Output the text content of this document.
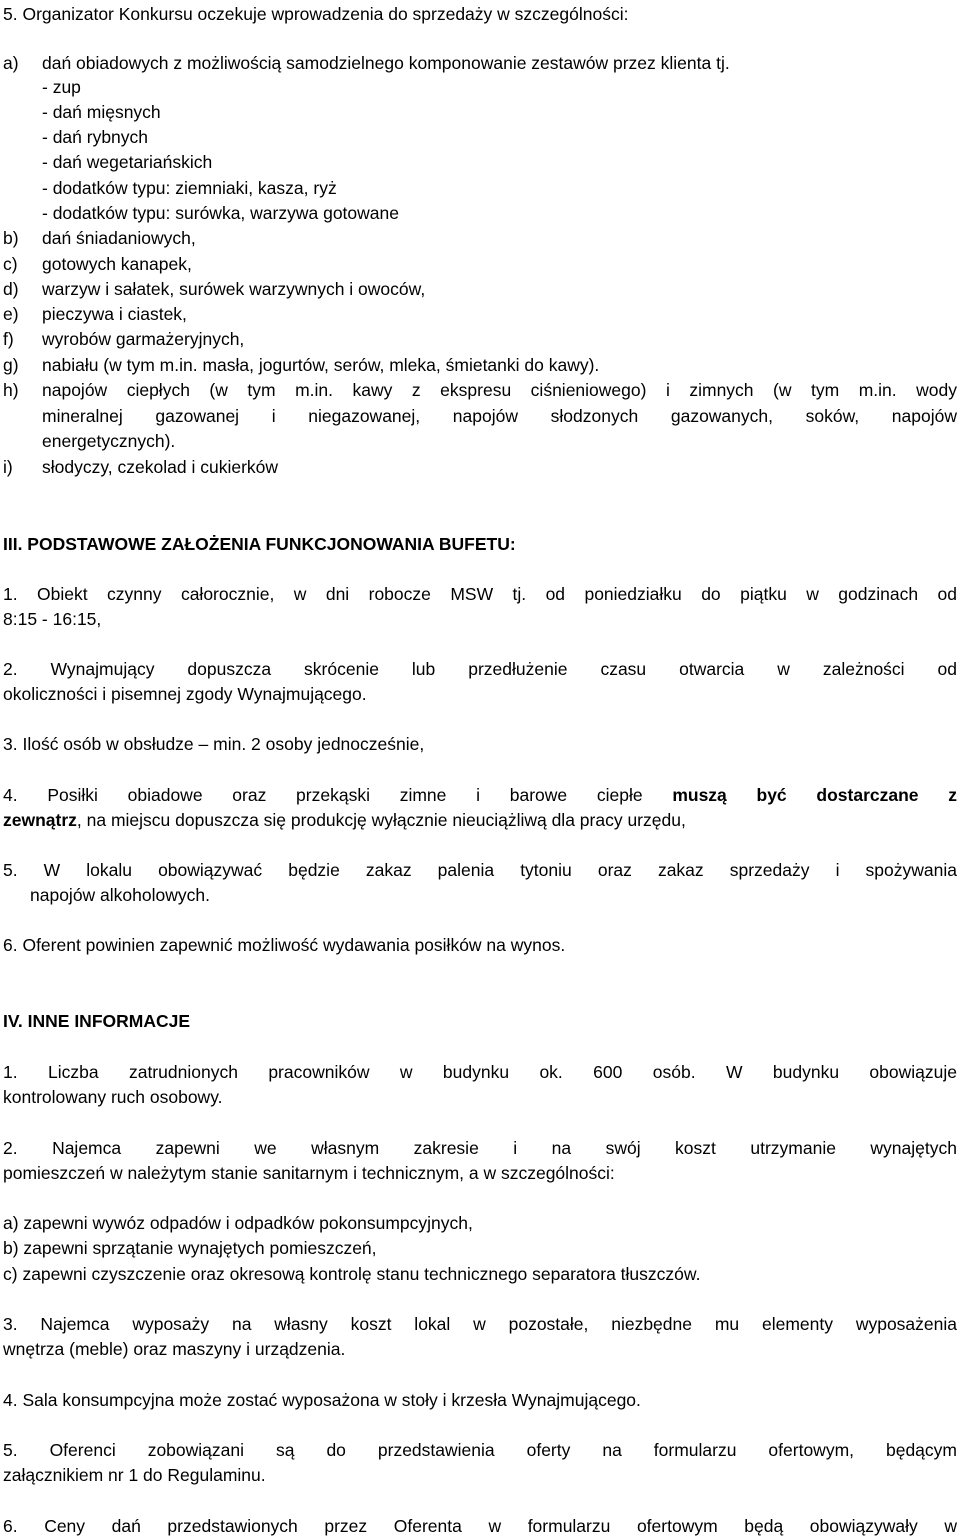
5. Organizator Konkursu oczekuje wprowadzenia do sprzedaży w szczególności:
a) dań obiadowych z możliwością samodzielnego komponowanie zestawów przez klienta tj.
- zup
- dań mięsnych
- dań rybnych
- dań wegetariańskich
- dodatków typu: ziemniaki, kasza, ryż
- dodatków typu: surówka, warzywa gotowane
b) dań śniadaniowych,
c) gotowych kanapek,
d) warzyw i sałatek, surówek warzywnych i owoców,
e) pieczywa i ciastek,
f) wyrobów garmażeryjnych,
g) nabiału (w tym m.in. masła, jogurtów, serów, mleka, śmietanki do kawy).
h) napojów ciepłych (w tym m.in. kawy z ekspresu ciśnieniowego) i zimnych (w tym m.in. wody
mineralnej gazowanej i niegazowanej, napojów słodzonych gazowanych, soków, napojów
energetycznych).
i) słodyczy, czekolad i cukierków
III. PODSTAWOWE ZAŁOŻENIA FUNKCJONOWANIA BUFETU:
1. Obiekt czynny całorocznie, w dni robocze MSW tj. od poniedziałku do piątku w godzinach od
8:15 - 16:15,
2. Wynajmujący dopuszcza skrócenie lub przedłużenie czasu otwarcia w zależności od
okoliczności i pisemnej zgody Wynajmującego.
3. Ilość osób w obsłudze – min. 2 osoby jednocześnie,
4. Posiłki obiadowe oraz przekąski zimne i barowe ciepłe muszą być dostarczane z
zewnątrz, na miejscu dopuszcza się produkcję wyłącznie nieuciążliwą dla pracy urzędu,
5. W lokalu obowiązywać będzie zakaz palenia tytoniu oraz zakaz sprzedaży i spożywania
napojów alkoholowych.
6. Oferent powinien zapewnić możliwość wydawania posiłków na wynos.
IV. INNE INFORMACJE
1. Liczba zatrudnionych pracowników w budynku ok. 600 osób. W budynku obowiązuje
kontrolowany ruch osobowy.
2. Najemca zapewni we własnym zakresie i na swój koszt utrzymanie wynajętych
pomieszczeń w należytym stanie sanitarnym i technicznym, a w szczególności:
a) zapewni wywóz odpadów i odpadków pokonsumpcyjnych,
b) zapewni sprzątanie wynajętych pomieszczeń,
c) zapewni czyszczenie oraz okresową kontrolę stanu technicznego separatora tłuszczów.
3. Najemca wyposaży na własny koszt lokal w pozostałe, niezbędne mu elementy wyposażenia
wnętrza (meble) oraz maszyny i urządzenia.
4. Sala konsumpcyjna może zostać wyposażona w stoły i krzesła Wynajmującego.
5. Oferenci zobowiązani są do przedstawienia oferty na formularzu ofertowym, będącym
załącznikiem nr 1 do Regulaminu.
6. Ceny dań przedstawionych przez Oferenta w formularzu ofertowym będą obowiązywały w
